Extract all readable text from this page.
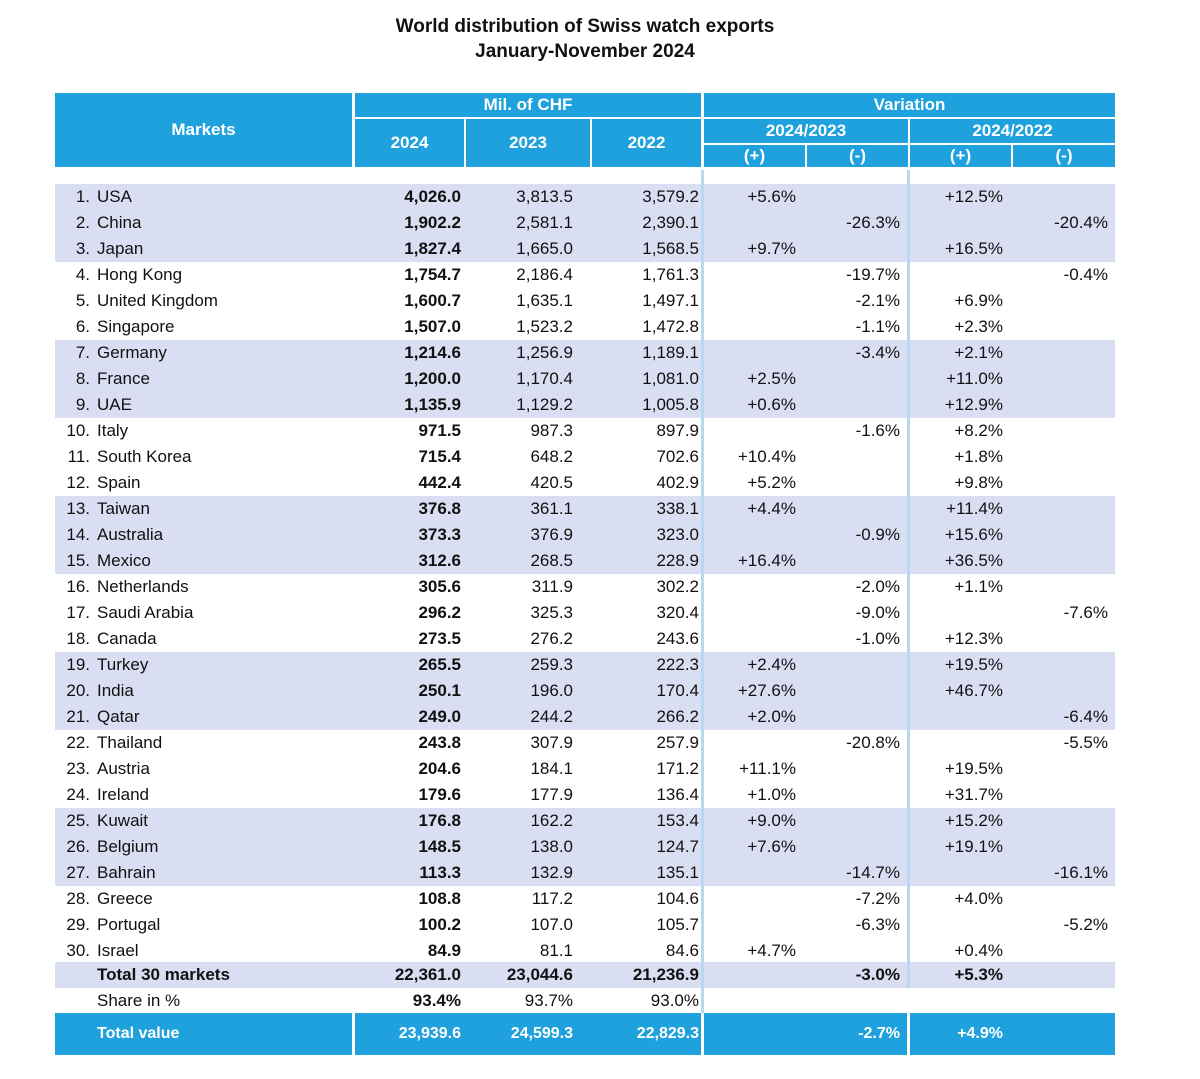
World distribution of Swiss watch exports
January-November 2024
Markets
Mil. of CHF
2024	2023	2022
Variation
2024/2023	2024/2022
(+)	(-)	(+)	(-)
1. USA	4,026.0	3,813.5	3,579.2	+5.6%	+12.5%
2. China	1,902.2	2,581.1	2,390.1	-26.3%	-20.4%
3. Japan	1,827.4	1,665.0	1,568.5	+9.7%	+16.5%
4. Hong Kong	1,754.7	2,186.4	1,761.3	-19.7%	-0.4%
5. United Kingdom	1,600.7	1,635.1	1,497.1	-2.1%	+6.9%
6. Singapore	1,507.0	1,523.2	1,472.8	-1.1%	+2.3%
7. Germany	1,214.6	1,256.9	1,189.1	-3.4%	+2.1%
8. France	1,200.0	1,170.4	1,081.0	+2.5%	+11.0%
9. UAE	1,135.9	1,129.2	1,005.8	+0.6%	+12.9%
10. Italy	971.5	987.3	897.9	-1.6%	+8.2%
11. South Korea	715.4	648.2	702.6	+10.4%	+1.8%
12. Spain	442.4	420.5	402.9	+5.2%	+9.8%
13. Taiwan	376.8	361.1	338.1	+4.4%	+11.4%
14. Australia	373.3	376.9	323.0	-0.9%	+15.6%
15. Mexico	312.6	268.5	228.9	+16.4%	+36.5%
16. Netherlands	305.6	311.9	302.2	-2.0%	+1.1%
17. Saudi Arabia	296.2	325.3	320.4	-9.0%	-7.6%
18. Canada	273.5	276.2	243.6	-1.0%	+12.3%
19. Turkey	265.5	259.3	222.3	+2.4%	+19.5%
20. India	250.1	196.0	170.4	+27.6%	+46.7%
21. Qatar	249.0	244.2	266.2	+2.0%	-6.4%
22. Thailand	243.8	307.9	257.9	-20.8%	-5.5%
23. Austria	204.6	184.1	171.2	+11.1%	+19.5%
24. Ireland	179.6	177.9	136.4	+1.0%	+31.7%
25. Kuwait	176.8	162.2	153.4	+9.0%	+15.2%
26. Belgium	148.5	138.0	124.7	+7.6%	+19.1%
27. Bahrain	113.3	132.9	135.1	-14.7%	-16.1%
28. Greece	108.8	117.2	104.6	-7.2%	+4.0%
29. Portugal	100.2	107.0	105.7	-6.3%	-5.2%
30. Israel	84.9	81.1	84.6	+4.7%	+0.4%
Total 30 markets	22,361.0	23,044.6	21,236.9	-3.0%	+5.3%
Share in %	93.4%	93.7%	93.0%
Total value	23,939.6	24,599.3	22,829.3	-2.7%	+4.9%
